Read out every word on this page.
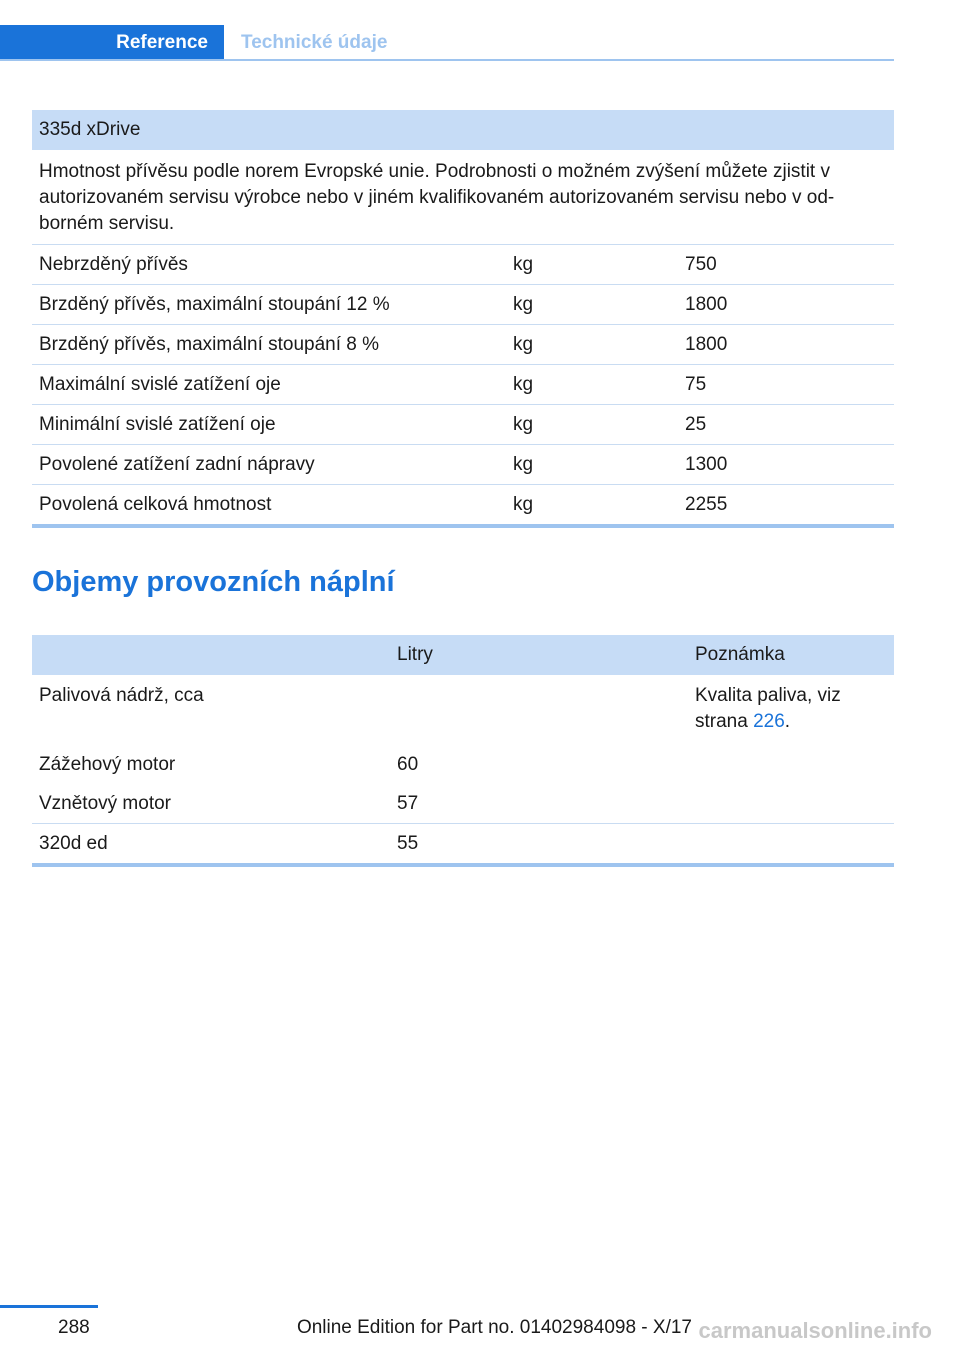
Reference	Technické údaje
335d xDrive		
Hmotnost přívěsu podle norem Evropské unie. Podrobnosti o možném zvýšení můžete zjistit v autorizovaném servisu výrobce nebo v jiném kvalifikovaném autorizovaném servisu nebo v od‐borném servisu.		
Nebrzděný přívěs	kg	750
Brzděný přívěs, maximální stoupání 12 %	kg	1800
Brzděný přívěs, maximální stoupání 8 %	kg	1800
Maximální svislé zatížení oje	kg	75
Minimální svislé zatížení oje	kg	25
Povolené zatížení zadní nápravy	kg	1300
Povolená celková hmotnost	kg	2255
Objemy provozních náplní
	Litry	Poznámka
Palivová nádrž, cca		Kvalita paliva, viz strana 226.
Zážehový motor	60	
Vznětový motor	57	
320d ed	55	
288	Online Edition for Part no. 01402984098 - X/17 carmanualsonline.info
